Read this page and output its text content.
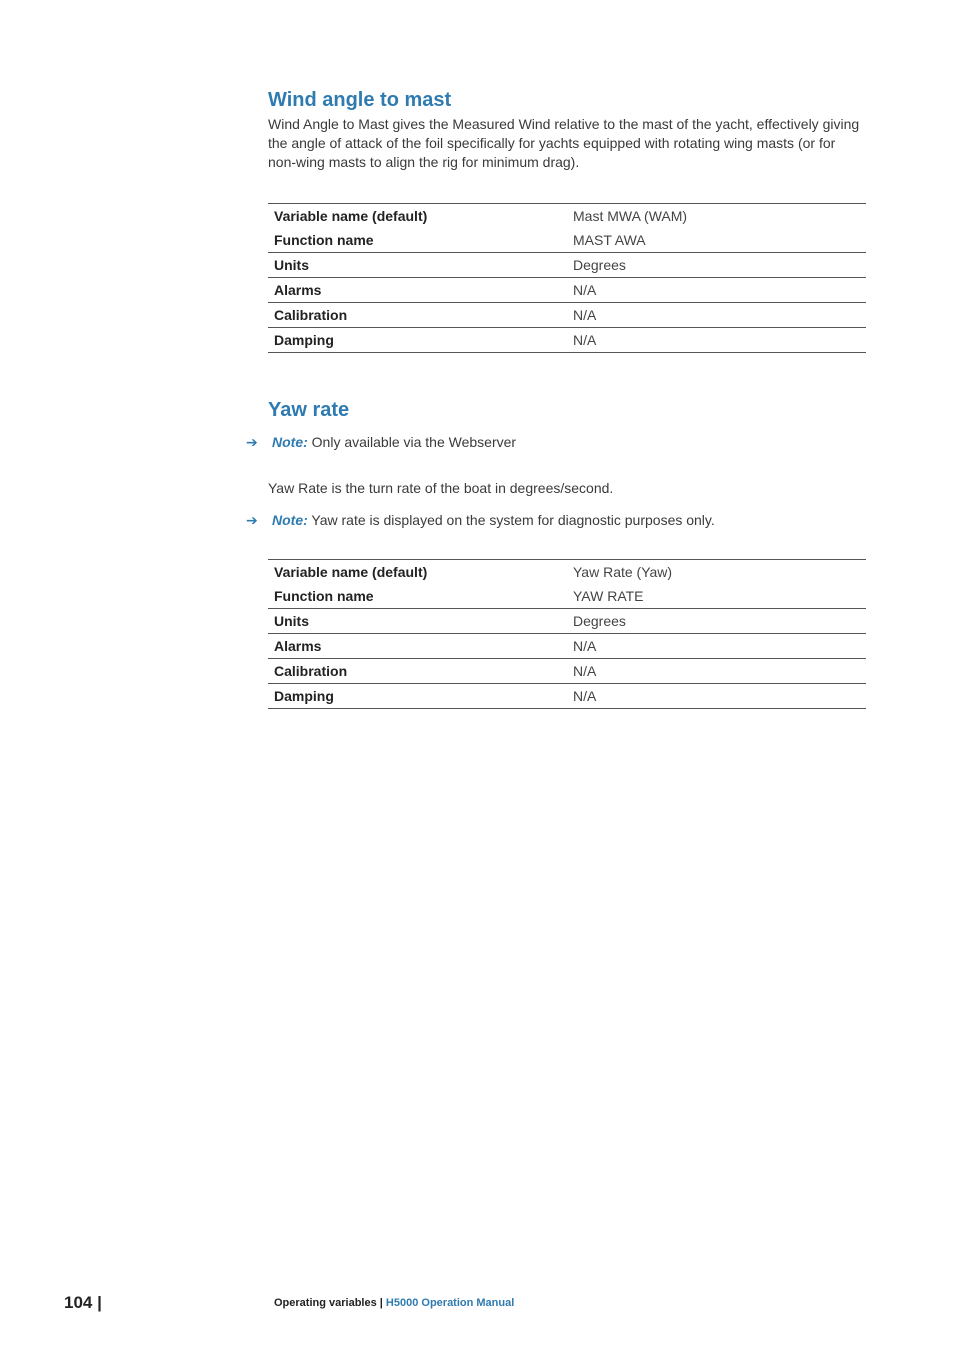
Wind angle to mast

Wind Angle to Mast gives the Measured Wind relative to the mast of the yacht, effectively giving the angle of attack of the foil specifically for yachts equipped with rotating wing masts (or for non-wing masts to align the rig for minimum drag).

Variable name (default)	Mast MWA (WAM)
Function name	MAST AWA
Units	Degrees
Alarms	N/A
Calibration	N/A
Damping	N/A
Yaw rate
➔ Note: Only available via the Webserver

Yaw Rate is the turn rate of the boat in degrees/second.

➔ Note: Yaw rate is displayed on the system for diagnostic purposes only.
Variable name (default)	Yaw Rate (Yaw)
Function name	YAW RATE
Units	Degrees
Alarms	N/A
Calibration	N/A
Damping	N/A
104 |	Operating variables | H5000 Operation Manual
